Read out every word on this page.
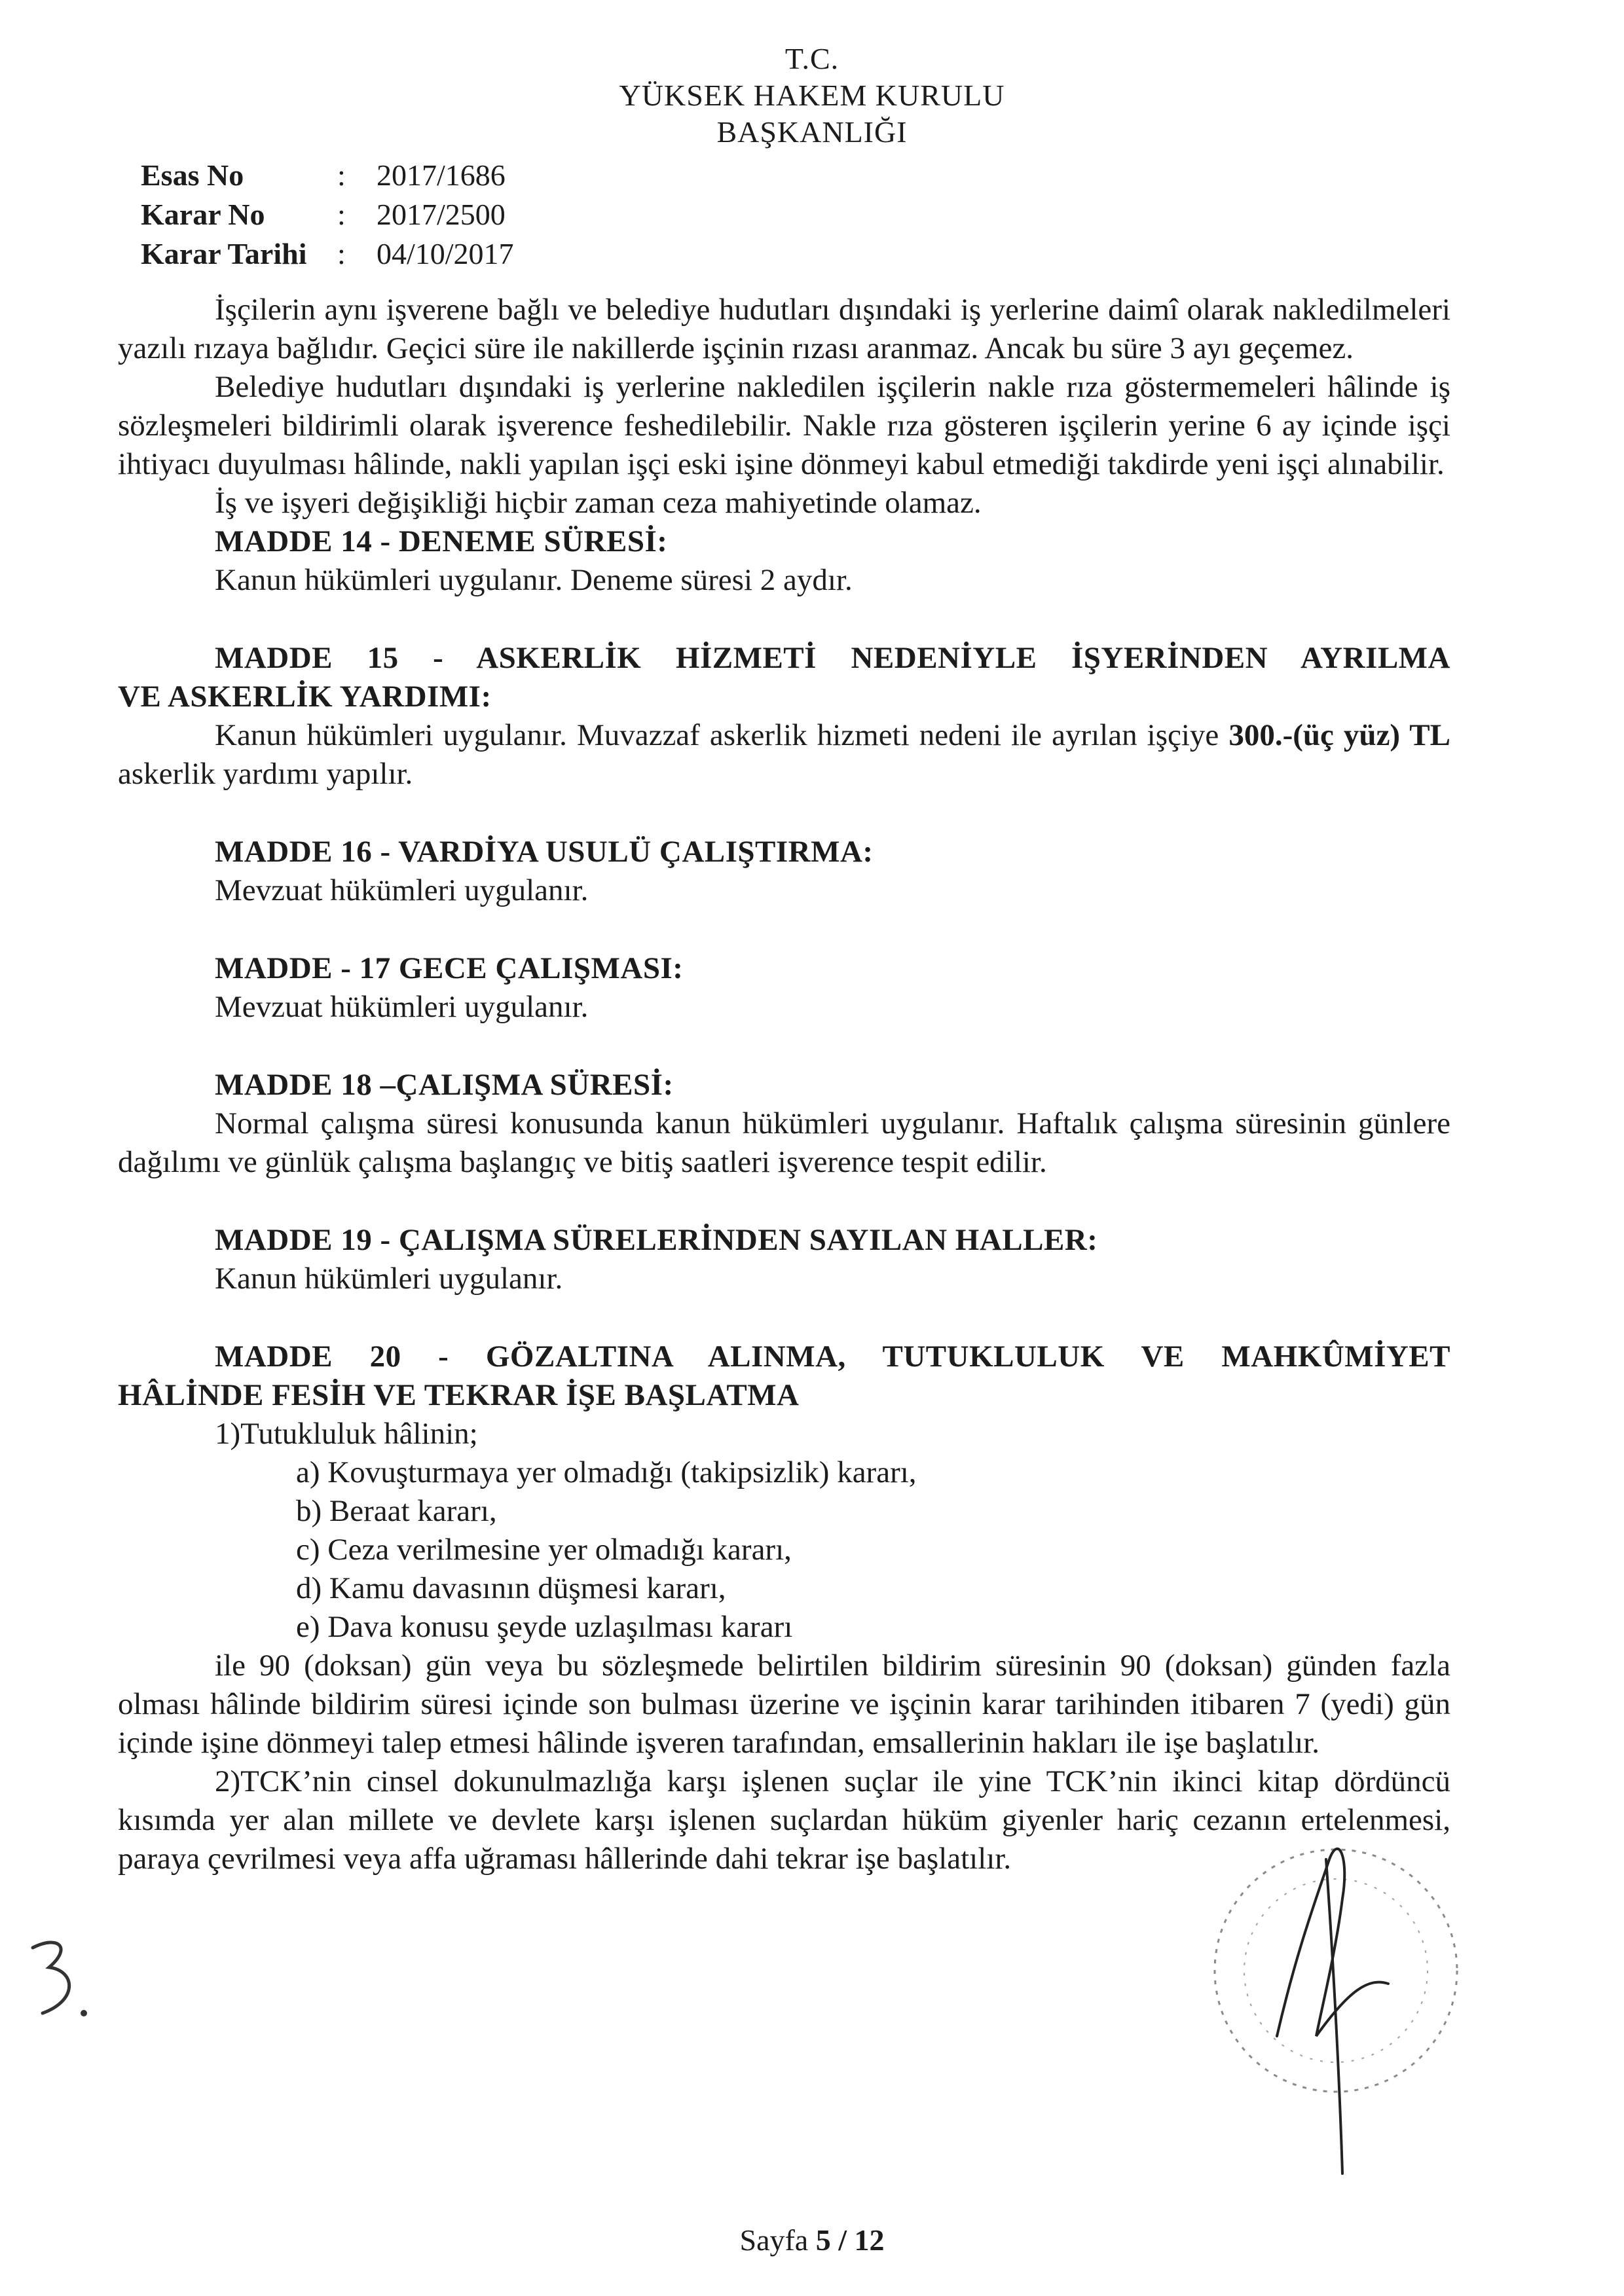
T.C.
YÜKSEK HAKEM KURULU
BAŞKANLIĞI
Esas No	:	2017/1686
Karar No	:	2017/2500
Karar Tarihi	:	04/10/2017

İşçilerin aynı işverene bağlı ve belediye hudutları dışındaki iş yerlerine daimî olarak nakledilmeleri yazılı rızaya bağlıdır. Geçici süre ile nakillerde işçinin rızası aranmaz. Ancak bu süre 3 ayı geçemez.

Belediye hudutları dışındaki iş yerlerine nakledilen işçilerin nakle rıza göstermemeleri hâlinde iş sözleşmeleri bildirimli olarak işverence feshedilebilir. Nakle rıza gösteren işçilerin yerine 6 ay içinde işçi ihtiyacı duyulması hâlinde, nakli yapılan işçi eski işine dönmeyi kabul etmediği takdirde yeni işçi alınabilir.

İş ve işyeri değişikliği hiçbir zaman ceza mahiyetinde olamaz.

MADDE 14 - DENEME SÜRESİ:

Kanun hükümleri uygulanır. Deneme süresi 2 aydır.

MADDE 15 - ASKERLİK HİZMETİ NEDENİYLE İŞYERİNDEN AYRILMA

VE ASKERLİK YARDIMI:

Kanun hükümleri uygulanır. Muvazzaf askerlik hizmeti nedeni ile ayrılan işçiye 300.-(üç yüz) TL askerlik yardımı yapılır.

MADDE 16 - VARDİYA USULÜ ÇALIŞTIRMA:

Mevzuat hükümleri uygulanır.

MADDE - 17 GECE ÇALIŞMASI:

Mevzuat hükümleri uygulanır.

MADDE 18 –ÇALIŞMA SÜRESİ:

Normal çalışma süresi konusunda kanun hükümleri uygulanır. Haftalık çalışma süresinin günlere dağılımı ve günlük çalışma başlangıç ve bitiş saatleri işverence tespit edilir.

MADDE 19 - ÇALIŞMA SÜRELERİNDEN SAYILAN HALLER:

Kanun hükümleri uygulanır.

MADDE 20 - GÖZALTINA ALINMA, TUTUKLULUK VE MAHKÛMİYET

HÂLİNDE FESİH VE TEKRAR İŞE BAŞLATMA

1)Tutukluluk hâlinin;

a) Kovuşturmaya yer olmadığı (takipsizlik) kararı,

b) Beraat kararı,

c) Ceza verilmesine yer olmadığı kararı,

d) Kamu davasının düşmesi kararı,

e) Dava konusu şeyde uzlaşılması kararı

ile 90 (doksan) gün veya bu sözleşmede belirtilen bildirim süresinin 90 (doksan) günden fazla olması hâlinde bildirim süresi içinde son bulması üzerine ve işçinin karar tarihinden itibaren 7 (yedi) gün içinde işine dönmeyi talep etmesi hâlinde işveren tarafından, emsallerinin hakları ile işe başlatılır.

2)TCK’nin cinsel dokunulmazlığa karşı işlenen suçlar ile yine TCK’nin ikinci kitap dördüncü kısımda yer alan millete ve devlete karşı işlenen suçlardan hüküm giyenler hariç cezanın ertelenmesi, paraya çevrilmesi veya affa uğraması hâllerinde dahi tekrar işe başlatılır.

Sayfa 5 / 12
